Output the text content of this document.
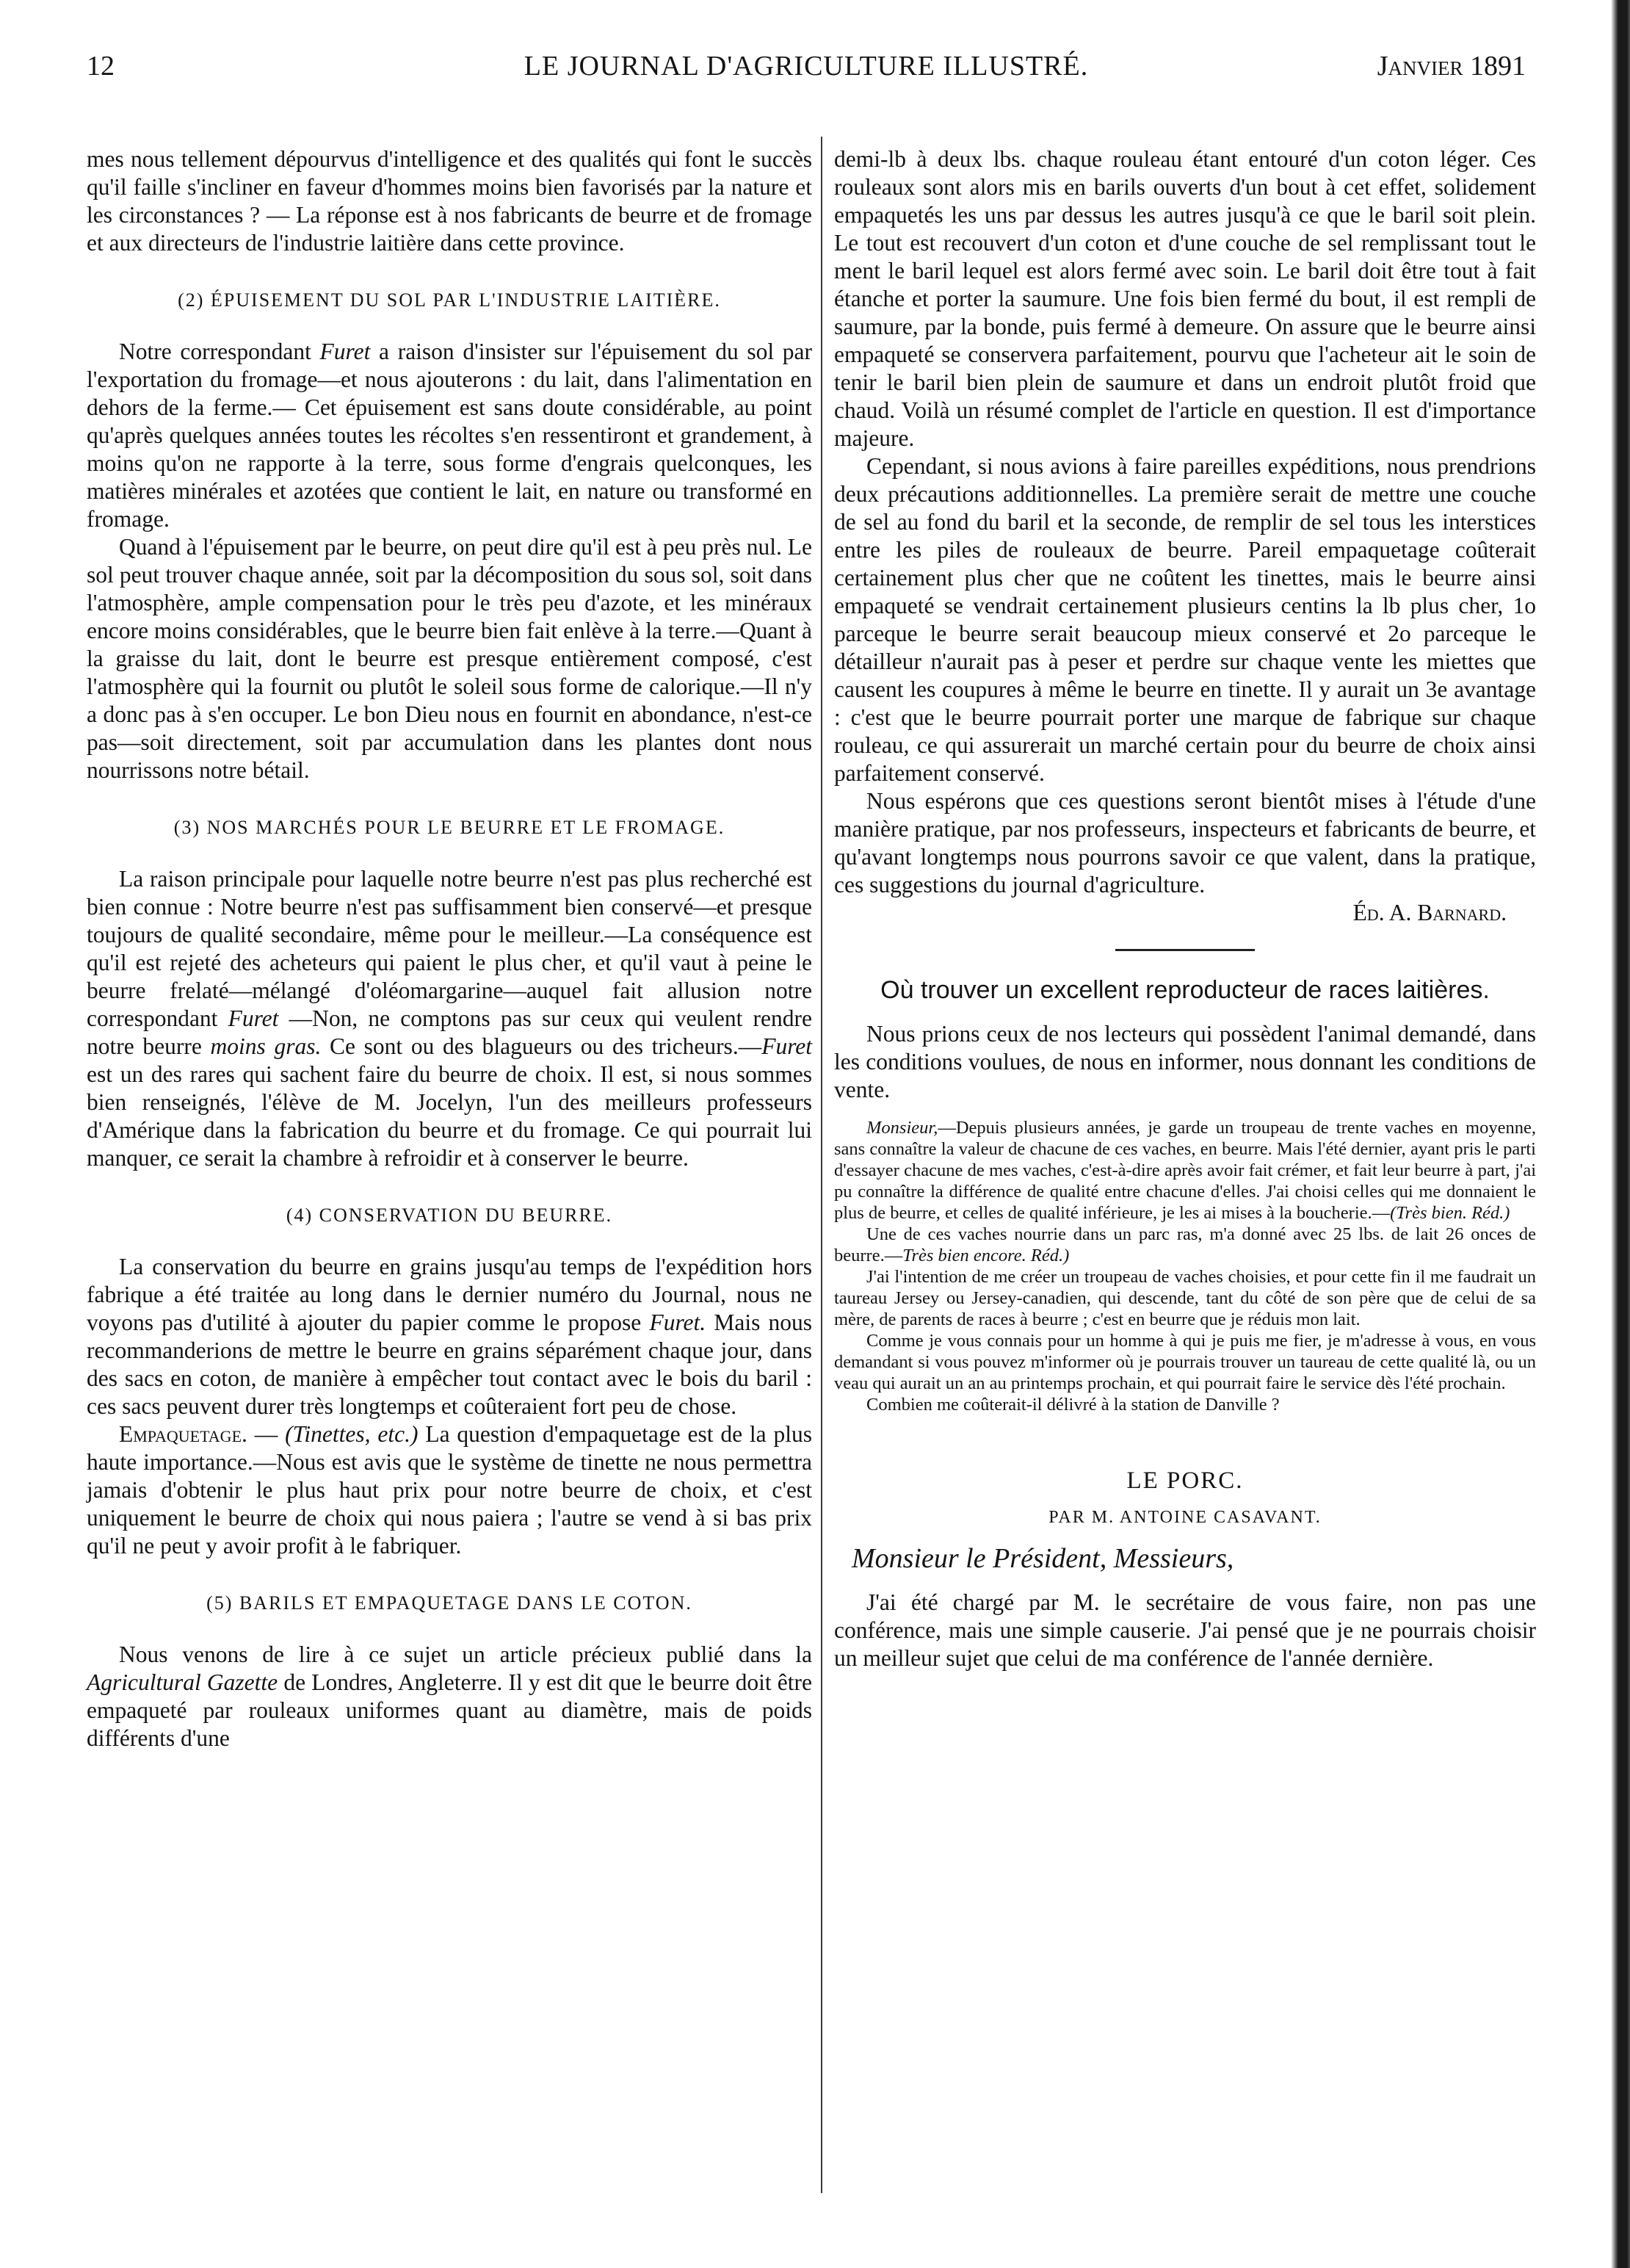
12	LE JOURNAL D'AGRICULTURE ILLUSTRÉ.	Janvier 1891

mes nous tellement dépourvus d'intelligence et des qualités qui font le succès qu'il faille s'incliner en faveur d'hommes moins bien favorisés par la nature et les circonstances ? — La réponse est à nos fabricants de beurre et de fromage et aux directeurs de l'industrie laitière dans cette province.

(2) ÉPUISEMENT DU SOL PAR L'INDUSTRIE LAITIÈRE.

Notre correspondant Furet a raison d'insister sur l'épuisement du sol par l'exportation du fromage—et nous ajouterons : du lait, dans l'alimentation en dehors de la ferme.— Cet épuisement est sans doute considérable, au point qu'après quelques années toutes les récoltes s'en ressentiront et grandement, à moins qu'on ne rapporte à la terre, sous forme d'engrais quelconques, les matières minérales et azotées que contient le lait, en nature ou transformé en fromage.

Quand à l'épuisement par le beurre, on peut dire qu'il est à peu près nul. Le sol peut trouver chaque année, soit par la décomposition du sous sol, soit dans l'atmosphère, ample compensation pour le très peu d'azote, et les minéraux encore moins considérables, que le beurre bien fait enlève à la terre.—Quant à la graisse du lait, dont le beurre est presque entièrement composé, c'est l'atmosphère qui la fournit ou plutôt le soleil sous forme de calorique.—Il n'y a donc pas à s'en occuper. Le bon Dieu nous en fournit en abondance, n'est-ce pas—soit directement, soit par accumulation dans les plantes dont nous nourrissons notre bétail.

(3) NOS MARCHÉS POUR LE BEURRE ET LE FROMAGE.

La raison principale pour laquelle notre beurre n'est pas plus recherché est bien connue : Notre beurre n'est pas suffisamment bien conservé—et presque toujours de qualité secondaire, même pour le meilleur.—La conséquence est qu'il est rejeté des acheteurs qui paient le plus cher, et qu'il vaut à peine le beurre frelaté—mélangé d'oléomargarine—auquel fait allusion notre correspondant Furet —Non, ne comptons pas sur ceux qui veulent rendre notre beurre moins gras. Ce sont ou des blagueurs ou des tricheurs.—Furet est un des rares qui sachent faire du beurre de choix. Il est, si nous sommes bien renseignés, l'élève de M. Jocelyn, l'un des meilleurs professeurs d'Amérique dans la fabrication du beurre et du fromage. Ce qui pourrait lui manquer, ce serait la chambre à refroidir et à conserver le beurre.

(4) CONSERVATION DU BEURRE.

La conservation du beurre en grains jusqu'au temps de l'expédition hors fabrique a été traitée au long dans le dernier numéro du Journal, nous ne voyons pas d'utilité à ajouter du papier comme le propose Furet. Mais nous recommanderions de mettre le beurre en grains séparément chaque jour, dans des sacs en coton, de manière à empêcher tout contact avec le bois du baril : ces sacs peuvent durer très longtemps et coûteraient fort peu de chose.

Empaquetage. — (Tinettes, etc.) La question d'empaquetage est de la plus haute importance.—Nous est avis que le système de tinette ne nous permettra jamais d'obtenir le plus haut prix pour notre beurre de choix, et c'est uniquement le beurre de choix qui nous paiera ; l'autre se vend à si bas prix qu'il ne peut y avoir profit à le fabriquer.

(5) BARILS ET EMPAQUETAGE DANS LE COTON.

Nous venons de lire à ce sujet un article précieux publié dans la Agricultural Gazette de Londres, Angleterre. Il y est dit que le beurre doit être empaqueté par rouleaux uniformes quant au diamètre, mais de poids différents d'une

demi-lb à deux lbs. chaque rouleau étant entouré d'un coton léger. Ces rouleaux sont alors mis en barils ouverts d'un bout à cet effet, solidement empaquetés les uns par dessus les autres jusqu'à ce que le baril soit plein. Le tout est recouvert d'un coton et d'une couche de sel remplissant tout le ment le baril lequel est alors fermé avec soin. Le baril doit être tout à fait étanche et porter la saumure. Une fois bien fermé du bout, il est rempli de saumure, par la bonde, puis fermé à demeure. On assure que le beurre ainsi empaqueté se conservera parfaitement, pourvu que l'acheteur ait le soin de tenir le baril bien plein de saumure et dans un endroit plutôt froid que chaud. Voilà un résumé complet de l'article en question. Il est d'importance majeure.

Cependant, si nous avions à faire pareilles expéditions, nous prendrions deux précautions additionnelles. La première serait de mettre une couche de sel au fond du baril et la seconde, de remplir de sel tous les interstices entre les piles de rouleaux de beurre. Pareil empaquetage coûterait certainement plus cher que ne coûtent les tinettes, mais le beurre ainsi empaqueté se vendrait certainement plusieurs centins la lb plus cher, 1o parceque le beurre serait beaucoup mieux conservé et 2o parceque le détailleur n'aurait pas à peser et perdre sur chaque vente les miettes que causent les coupures à même le beurre en tinette. Il y aurait un 3e avantage : c'est que le beurre pourrait porter une marque de fabrique sur chaque rouleau, ce qui assurerait un marché certain pour du beurre de choix ainsi parfaitement conservé.

Nous espérons que ces questions seront bientôt mises à l'étude d'une manière pratique, par nos professeurs, inspecteurs et fabricants de beurre, et qu'avant longtemps nous pourrons savoir ce que valent, dans la pratique, ces suggestions du journal d'agriculture.

Éd. A. Barnard.
Où trouver un excellent reproducteur de races laitières.

Nous prions ceux de nos lecteurs qui possèdent l'animal demandé, dans les conditions voulues, de nous en informer, nous donnant les conditions de vente.

Monsieur,—Depuis plusieurs années, je garde un troupeau de trente vaches en moyenne, sans connaître la valeur de chacune de ces vaches, en beurre. Mais l'été dernier, ayant pris le parti d'essayer chacune de mes vaches, c'est-à-dire après avoir fait crémer, et fait leur beurre à part, j'ai pu connaître la différence de qualité entre chacune d'elles. J'ai choisi celles qui me donnaient le plus de beurre, et celles de qualité inférieure, je les ai mises à la boucherie.—(Très bien. Réd.)

Une de ces vaches nourrie dans un parc ras, m'a donné avec 25 lbs. de lait 26 onces de beurre.—Très bien encore. Réd.)

J'ai l'intention de me créer un troupeau de vaches choisies, et pour cette fin il me faudrait un taureau Jersey ou Jersey-canadien, qui descende, tant du côté de son père que de celui de sa mère, de parents de races à beurre ; c'est en beurre que je réduis mon lait.

Comme je vous connais pour un homme à qui je puis me fier, je m'adresse à vous, en vous demandant si vous pouvez m'informer où je pourrais trouver un taureau de cette qualité là, ou un veau qui aurait un an au printemps prochain, et qui pourrait faire le service dès l'été prochain.

Combien me coûterait-il délivré à la station de Danville ?

LE PORC.
PAR M. ANTOINE CASAVANT.
Monsieur le Président, Messieurs,

J'ai été chargé par M. le secrétaire de vous faire, non pas une conférence, mais une simple causerie. J'ai pensé que je ne pourrais choisir un meilleur sujet que celui de ma conférence de l'année dernière.
